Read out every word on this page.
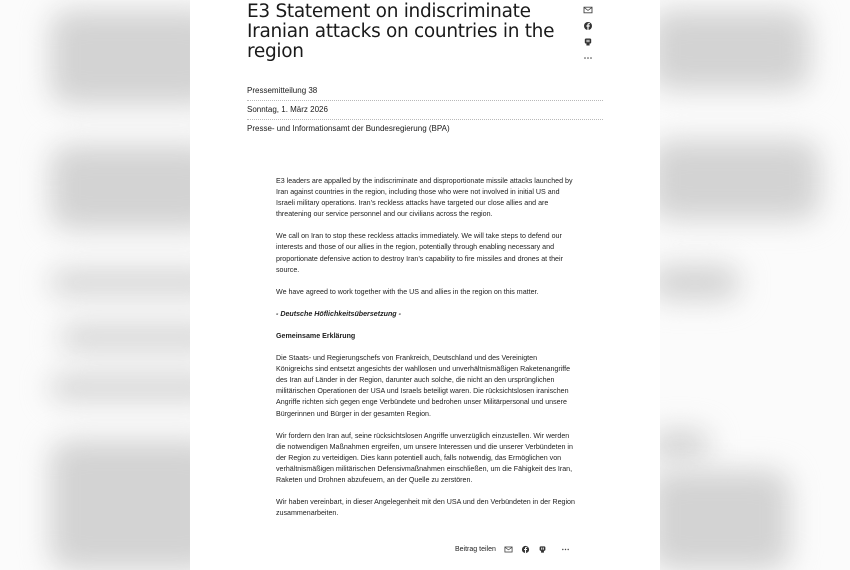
E3 Statement on indiscriminate Iranian attacks on countries in the region
Pressemitteilung 38
Sonntag, 1. März 2026
Presse- und Informationsamt der Bundesregierung (BPA)

E3 leaders are appalled by the indiscriminate and disproportionate missile attacks launched by Iran against countries in the region, including those who were not involved in initial US and Israeli military operations. Iran’s reckless attacks have targeted our close allies and are threatening our service personnel and our civilians across the region.

We call on Iran to stop these reckless attacks immediately. We will take steps to defend our interests and those of our allies in the region, potentially through enabling necessary and proportionate defensive action to destroy Iran’s capability to fire missiles and drones at their source.

We have agreed to work together with the US and allies in the region on this matter.

- Deutsche Höflichkeitsübersetzung -

Gemeinsame Erklärung

Die Staats- und Regierungschefs von Frankreich, Deutschland und des Vereinigten Königreichs sind entsetzt angesichts der wahllosen und unverhältnismäßigen Raketenangriffe des Iran auf Länder in der Region, darunter auch solche, die nicht an den ursprünglichen militärischen Operationen der USA und Israels beteiligt waren. Die rücksichtslosen iranischen Angriffe richten sich gegen enge Verbündete und bedrohen unser Militärpersonal und unsere Bürgerinnen und Bürger in der gesamten Region.

Wir fordern den Iran auf, seine rücksichtslosen Angriffe unverzüglich einzustellen. Wir werden die notwendigen Maßnahmen ergreifen, um unsere Interessen und die unserer Verbündeten in der Region zu verteidigen. Dies kann potentiell auch, falls notwendig, das Ermöglichen von verhältnismäßigen militärischen Defensivmaßnahmen einschließen, um die Fähigkeit des Iran, Raketen und Drohnen abzufeuern, an der Quelle zu zerstören.

Wir haben vereinbart, in dieser Angelegenheit mit den USA und den Verbündeten in der Region zusammenarbeiten.

Beitrag teilen
